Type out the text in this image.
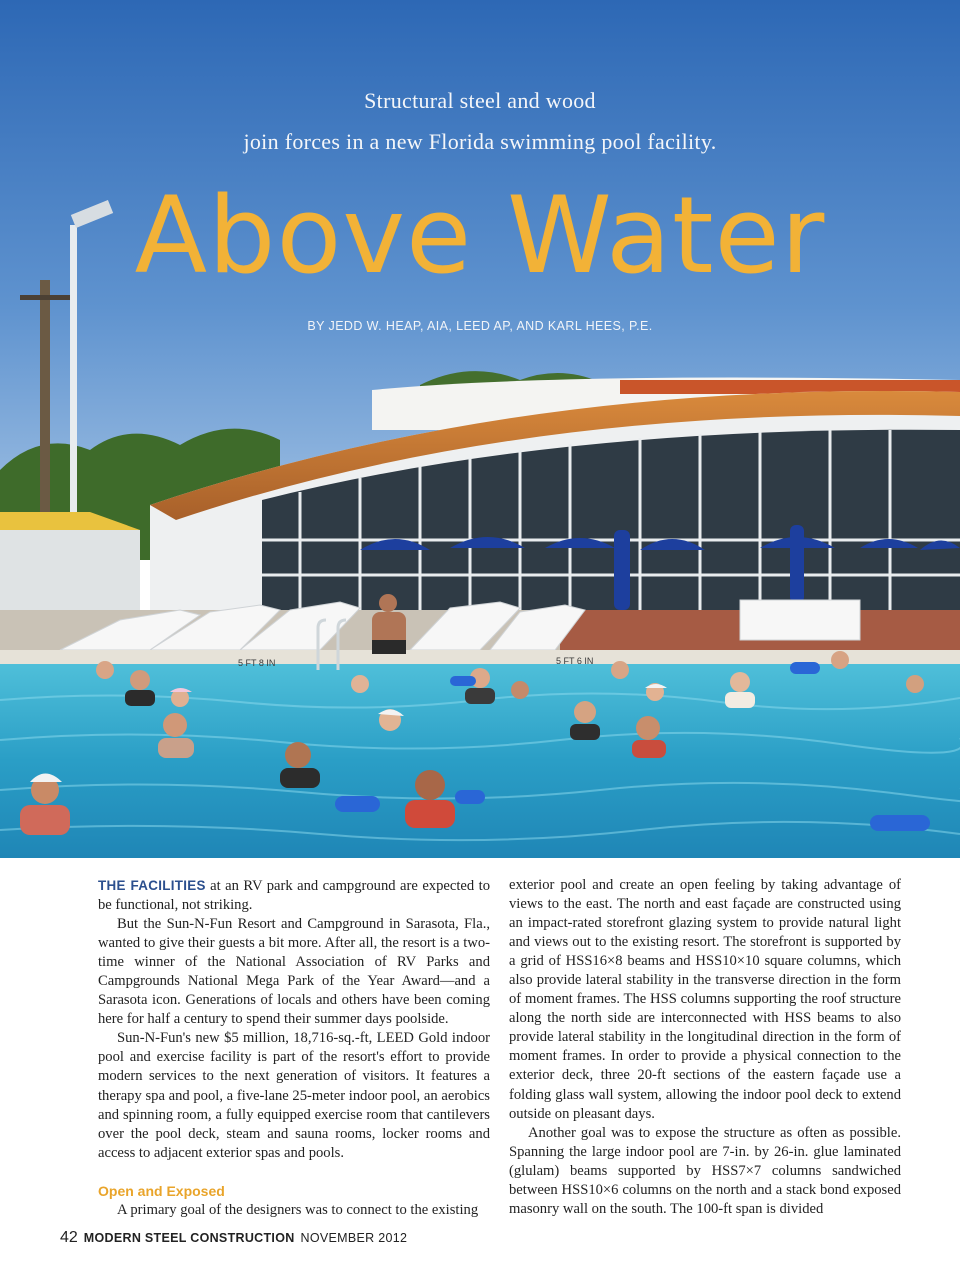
5 FT 8 IN	5 FT 6 IN
Structural steel and wood
join forces in a new Florida swimming pool facility.
Above Water
BY JEDD W. HEAP, AIA, LEED AP, AND KARL HEES, P.E.

THE FACILITIES at an RV park and campground are expected to be functional, not striking.

But the Sun-N-Fun Resort and Campground in Sarasota, Fla., wanted to give their guests a bit more. After all, the resort is a two-time winner of the National Association of RV Parks and Campgrounds National Mega Park of the Year Award—and a Sarasota icon. Generations of locals and others have been coming here for half a century to spend their summer days poolside.

Sun-N-Fun's new $5 million, 18,716-sq.-ft, LEED Gold indoor pool and exercise facility is part of the resort's effort to provide modern services to the next generation of visitors. It features a therapy spa and pool, a five-lane 25-meter indoor pool, an aerobics and spinning room, a fully equipped exercise room that cantilevers over the pool deck, steam and sauna rooms, locker rooms and access to adjacent exterior spas and pools.

Open and Exposed

A primary goal of the designers was to connect to the existing

exterior pool and create an open feeling by taking advantage of views to the east. The north and east façade are constructed using an impact-rated storefront glazing system to provide natural light and views out to the existing resort. The storefront is supported by a grid of HSS16×8 beams and HSS10×10 square columns, which also provide lateral stability in the transverse direction in the form of moment frames. The HSS columns supporting the roof structure along the north side are interconnected with HSS beams to also provide lateral stability in the longitudinal direction in the form of moment frames. In order to provide a physical connection to the exterior deck, three 20-ft sections of the eastern façade use a folding glass wall system, allowing the indoor pool deck to extend outside on pleasant days.

Another goal was to expose the structure as often as possible. Spanning the large indoor pool are 7-in. by 26-in. glue laminated (glulam) beams supported by HSS7×7 columns sandwiched between HSS10×6 columns on the north and a stack bond exposed masonry wall on the south. The 100-ft span is divided

42 MODERN STEEL CONSTRUCTION NOVEMBER 2012
